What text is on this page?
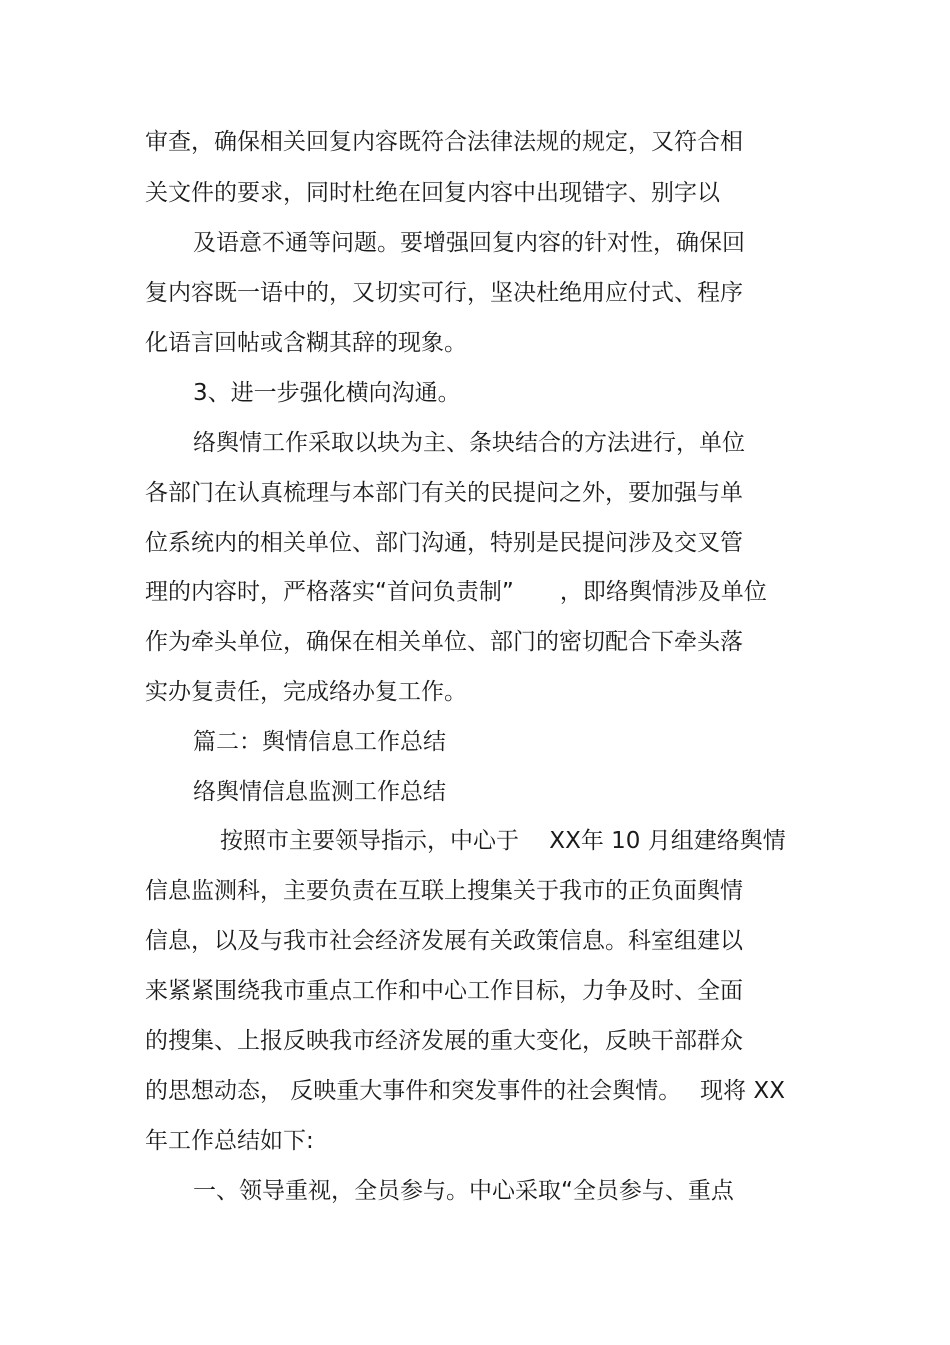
审查，确保相关回复内容既符合法律法规的规定，又符合相
关文件的要求，同时杜绝在回复内容中出现错字、别字以
及语意不通等问题。要增强回复内容的针对性，确保回
复内容既一语中的，又切实可行，坚决杜绝用应付式、程序
化语言回帖或含糊其辞的现象。
3、进一步强化横向沟通。
络舆情工作采取以块为主、条块结合的方法进行，单位
各部门在认真梳理与本部门有关的民提问之外，要加强与单
位系统内的相关单位、部门沟通，特别是民提问涉及交叉管
理的内容时，严格落实“首问负责制”　　，即络舆情涉及单位
作为牵头单位，确保在相关单位、部门的密切配合下牵头落
实办复责任，完成络办复工作。
篇二：舆情信息工作总结
络舆情信息监测工作总结
按照市主要领导指示，中心于　 XX年 10 月组建络舆情
信息监测科，主要负责在互联上搜集关于我市的正负面舆情
信息，以及与我市社会经济发展有关政策信息。科室组建以
来紧紧围绕我市重点工作和中心工作目标，力争及时、全面
的搜集、上报反映我市经济发展的重大变化，反映干部群众
的思想动态， 反映重大事件和突发事件的社会舆情。　 现将 XX
年工作总结如下:
一、领导重视，全员参与。中心采取“全员参与、重点
